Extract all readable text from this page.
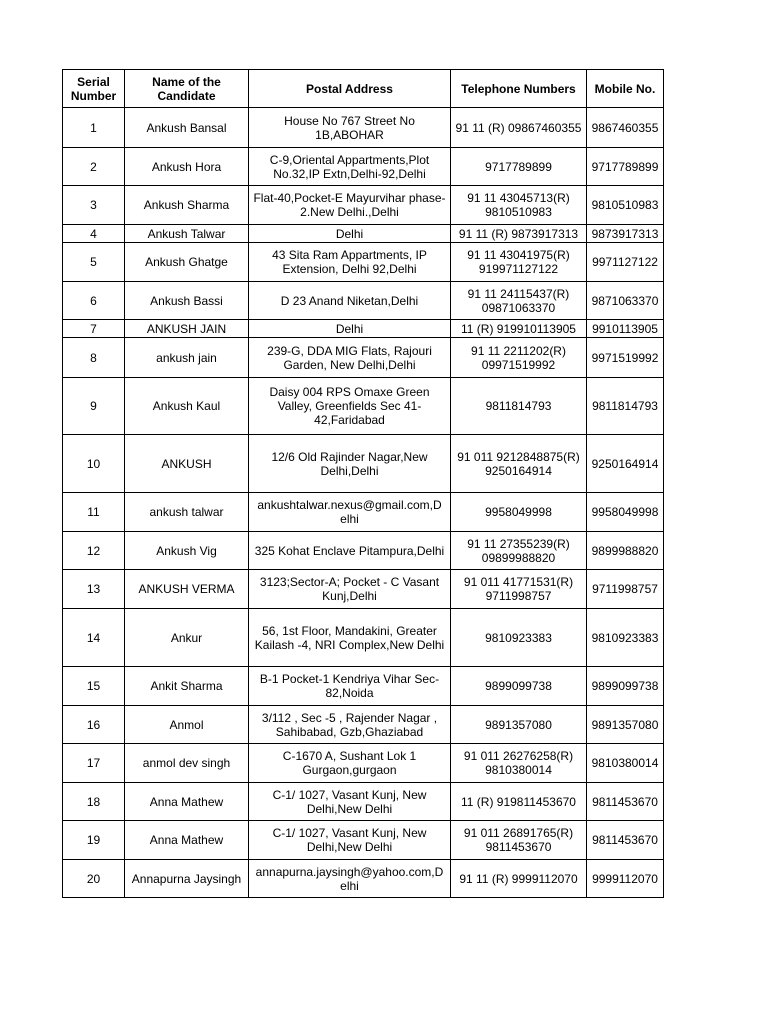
Serial Number	Name of the Candidate	Postal Address	Telephone Numbers	Mobile No.
1	Ankush Bansal	House No 767 Street No 1B,ABOHAR	91 11 (R) 09867460355	9867460355
2	Ankush Hora	C-9,Oriental Appartments,Plot No.32,IP Extn,Delhi-92,Delhi	9717789899	9717789899
3	Ankush Sharma	Flat-40,Pocket-E Mayurvihar phase-2.New Delhi.,Delhi	91 11 43045713(R) 9810510983	9810510983
4	Ankush Talwar	Delhi	91 11 (R) 9873917313	9873917313
5	Ankush Ghatge	43 Sita Ram Appartments, IP Extension, Delhi 92,Delhi	91 11 43041975(R) 919971127122	9971127122
6	Ankush Bassi	D 23 Anand Niketan,Delhi	91 11 24115437(R) 09871063370	9871063370
7	ANKUSH JAIN	Delhi	11 (R) 919910113905	9910113905
8	ankush jain	239-G, DDA MIG Flats, Rajouri Garden, New Delhi,Delhi	91 11 2211202(R) 09971519992	9971519992
9	Ankush Kaul	Daisy 004 RPS Omaxe Green Valley, Greenfields Sec 41-42,Faridabad	9811814793	9811814793
10	ANKUSH	12/6 Old Rajinder Nagar,New Delhi,Delhi	91 011 9212848875(R) 9250164914	9250164914
11	ankush talwar	ankushtalwar.nexus@gmail.com,D elhi	9958049998	9958049998
12	Ankush Vig	325 Kohat Enclave Pitampura,Delhi	91 11 27355239(R) 09899988820	9899988820
13	ANKUSH VERMA	3123;Sector-A; Pocket - C Vasant Kunj,Delhi	91 011 41771531(R) 9711998757	9711998757
14	Ankur	56, 1st Floor, Mandakini, Greater Kailash -4, NRI Complex,New Delhi	9810923383	9810923383
15	Ankit Sharma	B-1 Pocket-1 Kendriya Vihar Sec-82,Noida	9899099738	9899099738
16	Anmol	3/112 , Sec -5 , Rajender Nagar , Sahibabad, Gzb,Ghaziabad	9891357080	9891357080
17	anmol dev singh	C-1670 A, Sushant Lok 1 Gurgaon,gurgaon	91 011 26276258(R) 9810380014	9810380014
18	Anna Mathew	C-1/ 1027, Vasant Kunj, New Delhi,New Delhi	11 (R) 919811453670	9811453670
19	Anna Mathew	C-1/ 1027, Vasant Kunj, New Delhi,New Delhi	91 011 26891765(R) 9811453670	9811453670
20	Annapurna Jaysingh	annapurna.jaysingh@yahoo.com,D elhi	91 11 (R) 9999112070	9999112070
